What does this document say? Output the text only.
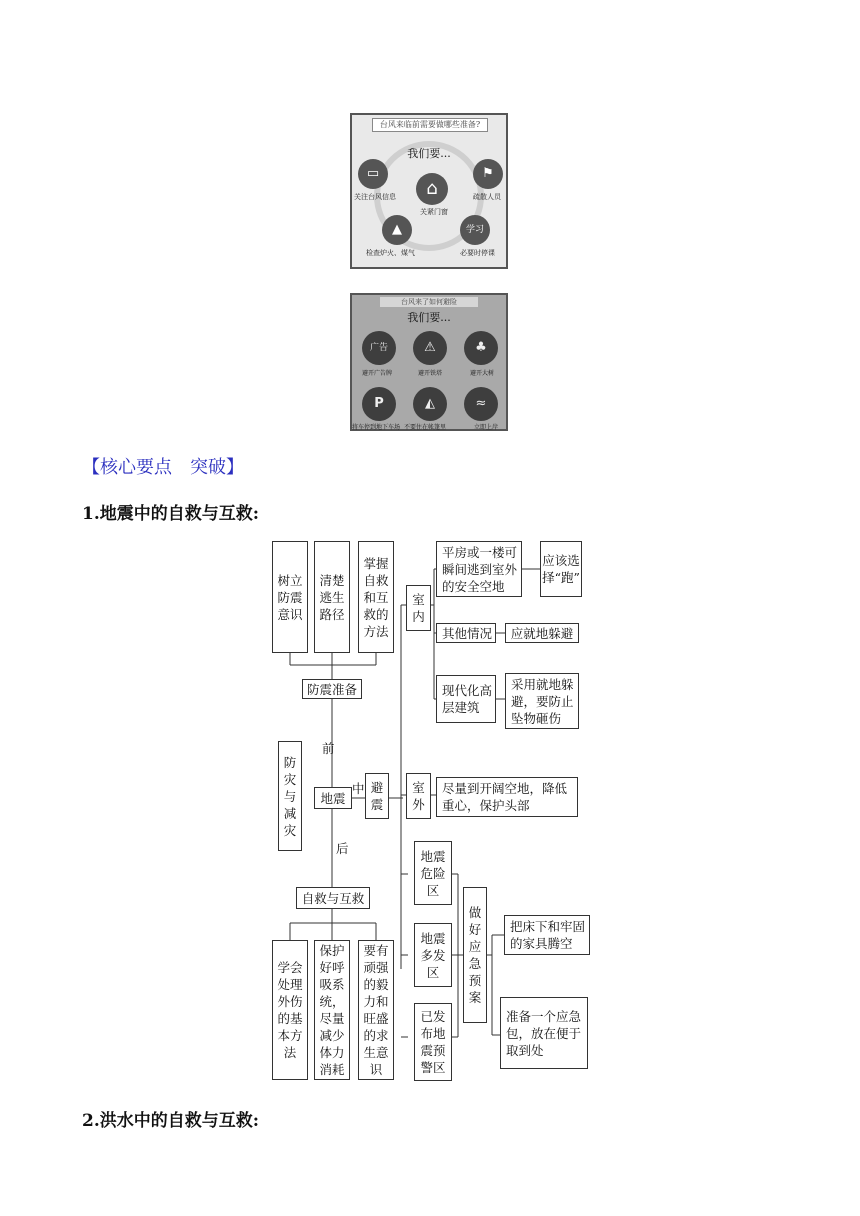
台风来临前需要做哪些准备?
我们要...
▭
关注台风信息	⌂
关紧门窗
⚑
疏散人员
▲
检查炉火、煤气
学习
必要时停课
台风来了如何避险
我们要...
广告
避开广告牌
⚠
避开铁塔
♣
避开大树
P
将车停到地下车场
◭
不要住在帐篷里
≈
立即上岸
【核心要点　突破】
1.地震中的自救与互救:
2.洪水中的自救与互救:
树立防震意识
清楚逃生路径
掌握自救和互救的方法
防震准备
前
防灾与减灾
地震
中 避震
后
室内
平房或一楼可瞬间逃到室外的安全空地
应该选择“跑”
其他情况	应就地躲避
现代化高层建筑
采用就地躲避，要防止坠物砸伤
室外
尽量到开阔空地，降低重心，保护头部
地震危险区
地震多发区
已发布地震预警区
做好应急预案
把床下和牢固的家具腾空
准备一个应急包，放在便于取到处
自救与互救
学会处理外伤的基本方法
保护好呼吸系统，尽量减少体力消耗
要有顽强的毅力和旺盛的求生意识
